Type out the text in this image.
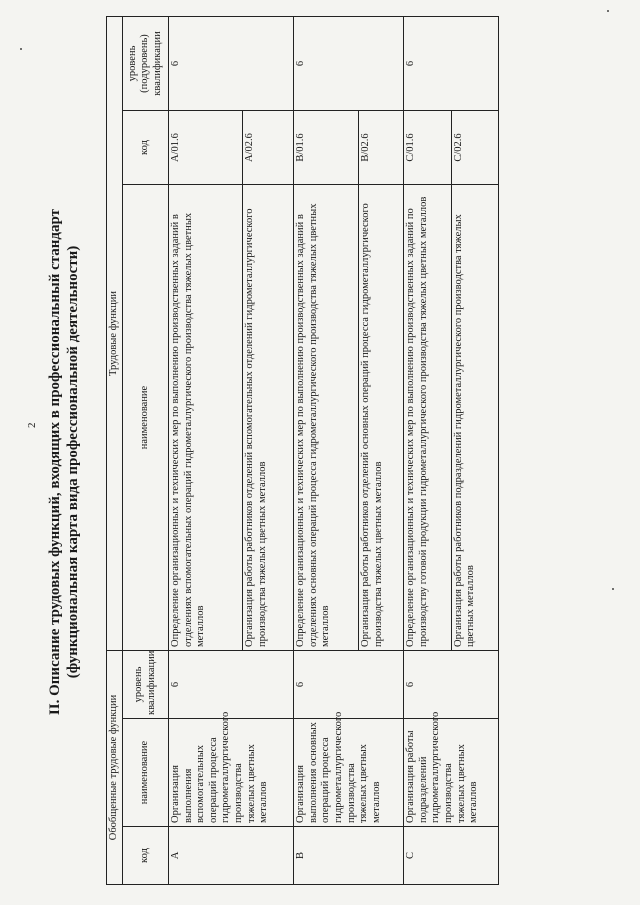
2 II. Описание трудовых функций, входящих в профессиональный стандарт (функциональная карта вида профессиональной деятельности)
Обобщенные трудовые функции			Трудовые функции		
код	наименование	уровень квалификации	наименование	код	уровень (подуровень) квалификации
A	Организация выполнения вспомогательных операций процесса гидрометаллургического производства тяжелых цветных металлов	6	Определение организационных и технических мер по выполнению производственных заданий в отделениях вспомогательных операций гидрометаллургического производства тяжелых цветных металлов	A/01.6	6
			Организация работы работников отделений вспомогательных отделений гидрометаллургического производства тяжелых цветных металлов	A/02.6	
B	Организация выполнения основных операций процесса гидрометаллургического производства тяжелых цветных металлов	6	Определение организационных и технических мер по выполнению производственных заданий в отделениях основных операций процесса гидрометаллургического производства тяжелых цветных металлов	B/01.6	6
			Организация работы работников отделений основных операций процесса гидрометаллургического производства тяжелых цветных металлов	B/02.6	
C	Организация работы подразделений гидрометаллургического производства тяжелых цветных металлов	6	Определение организационных и технических мер по выполнению производственных заданий по производству готовой продукции гидрометаллургического производства тяжелых цветных металлов	C/01.6	6
			Организация работы работников подразделений гидрометаллургического производства тяжелых цветных металлов	C/02.6	
